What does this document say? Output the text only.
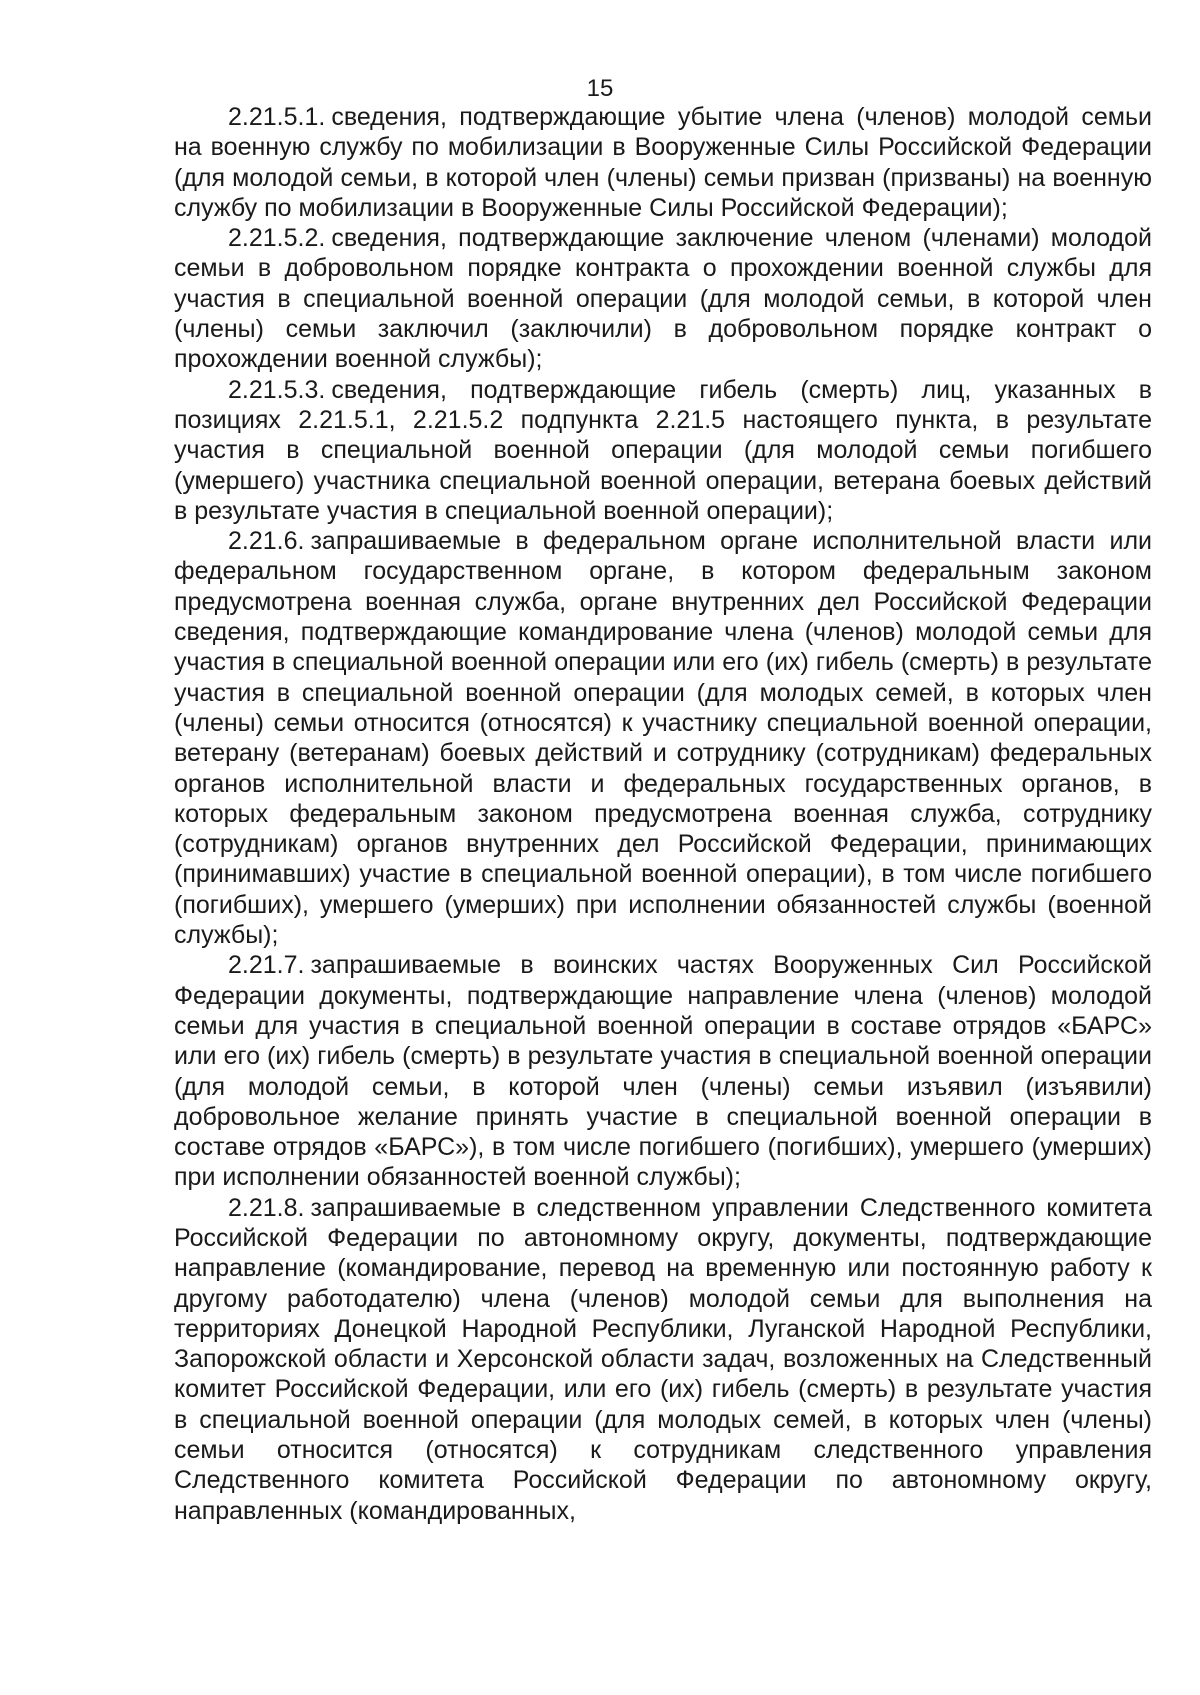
15

2.21.5.1. сведения, подтверждающие убытие члена (членов) молодой семьи на военную службу по мобилизации в Вооруженные Силы Российской Федерации (для молодой семьи, в которой член (члены) семьи призван (призваны) на военную службу по мобилизации в Вооруженные Силы Российской Федерации);

2.21.5.2. сведения, подтверждающие заключение членом (членами) молодой семьи в добровольном порядке контракта о прохождении военной службы для участия в специальной военной операции (для молодой семьи, в которой член (члены) семьи заключил (заключили) в добровольном порядке контракт о прохождении военной службы);

2.21.5.3. сведения, подтверждающие гибель (смерть) лиц, указанных в позициях 2.21.5.1, 2.21.5.2 подпункта 2.21.5 настоящего пункта, в результате участия в специальной военной операции (для молодой семьи погибшего (умершего) участника специальной военной операции, ветерана боевых действий в результате участия в специальной военной операции);

2.21.6. запрашиваемые в федеральном органе исполнительной власти или федеральном государственном органе, в котором федеральным законом предусмотрена военная служба, органе внутренних дел Российской Федерации сведения, подтверждающие командирование члена (членов) молодой семьи для участия в специальной военной операции или его (их) гибель (смерть) в результате участия в специальной военной операции (для молодых семей, в которых член (члены) семьи относится (относятся) к участнику специальной военной операции, ветерану (ветеранам) боевых действий и сотруднику (сотрудникам) федеральных органов исполнительной власти и федеральных государственных органов, в которых федеральным законом предусмотрена военная служба, сотруднику (сотрудникам) органов внутренних дел Российской Федерации, принимающих (принимавших) участие в специальной военной операции), в том числе погибшего (погибших), умершего (умерших) при исполнении обязанностей службы (военной службы);

2.21.7. запрашиваемые в воинских частях Вооруженных Сил Российской Федерации документы, подтверждающие направление члена (членов) молодой семьи для участия в специальной военной операции в составе отрядов «БАРС» или его (их) гибель (смерть) в результате участия в специальной военной операции (для молодой семьи, в которой член (члены) семьи изъявил (изъявили) добровольное желание принять участие в специальной военной операции в составе отрядов «БАРС»), в том числе погибшего (погибших), умершего (умерших) при исполнении обязанностей военной службы);

2.21.8. запрашиваемые в следственном управлении Следственного комитета Российской Федерации по автономному округу, документы, подтверждающие направление (командирование, перевод на временную или постоянную работу к другому работодателю) члена (членов) молодой семьи для выполнения на территориях Донецкой Народной Республики, Луганской Народной Республики, Запорожской области и Херсонской области задач, возложенных на Следственный комитет Российской Федерации, или его (их) гибель (смерть) в результате участия в специальной военной операции (для молодых семей, в которых член (члены) семьи относится (относятся) к сотрудникам следственного управления Следственного комитета Российской Федерации по автономному округу, направленных (командированных,
